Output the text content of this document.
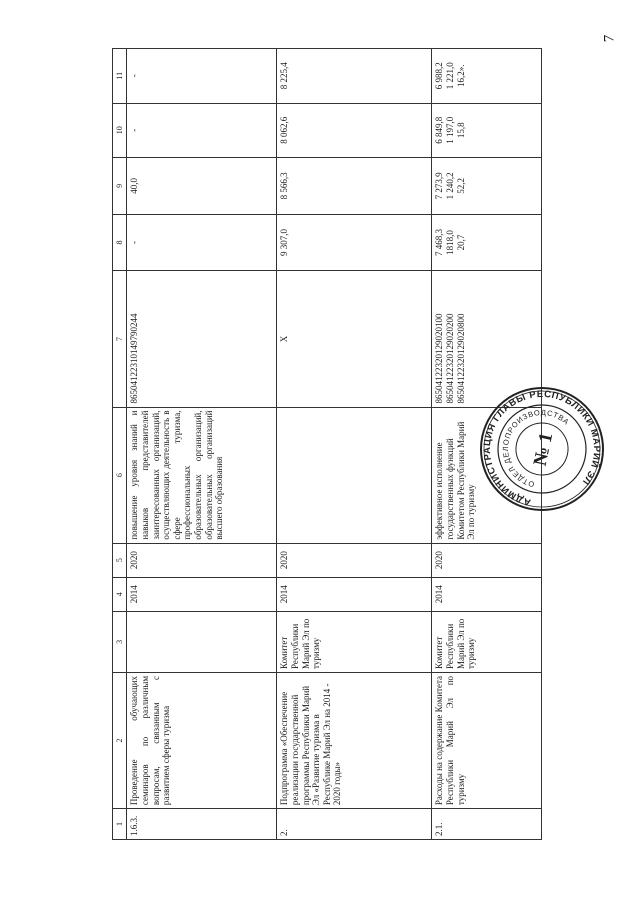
7
1	2	3	4	5	6	7	8	9	10	11
1.6.3.	Проведение обучающих семинаров по различным вопросам, связанным с развитием сферы туризма		2014	2020	повышение уровня знаний и навыков представителей заинтересованных организаций, осуществляющих деятельность в сфере туризма, профессиональных образовательных организаций, образовательных организаций высшего образования	86504122310149790244	-	40,0	-	-

2.	Подпрограмма «Обеспечение реализации государственной программы Республики Марий Эл «Развитие туризма в Республике Марий Эл на 2014 - 2020 годы»	Комитет Республики Марий Эл по туризму	2014	2020		X	9 307,0	8 566,3	8 062,6	8 225,4

2.1.	Расходы на содержание Комитета Республики Марий Эл по туризму	Комитет Республики Марий Эл по туризму	2014	2020	эффективное исполнение государственных функций Комитетом Республики Марий Эл по туризму	86504122320129020100 86504122320129020200 86504122320129020800	7 468,3 1818,0 20,7	7 273,9 1 240,2 52,2	6 849,8 1 197,0 15,8	6 988,2 1 221,0 16,2».
АДМИНИСТРАЦИЯ ГЛАВЫ РЕСПУБЛИКИ МАРИЙ ЭЛ
ОТДЕЛ ДЕЛОПРОИЗВОДСТВА
№ 1
